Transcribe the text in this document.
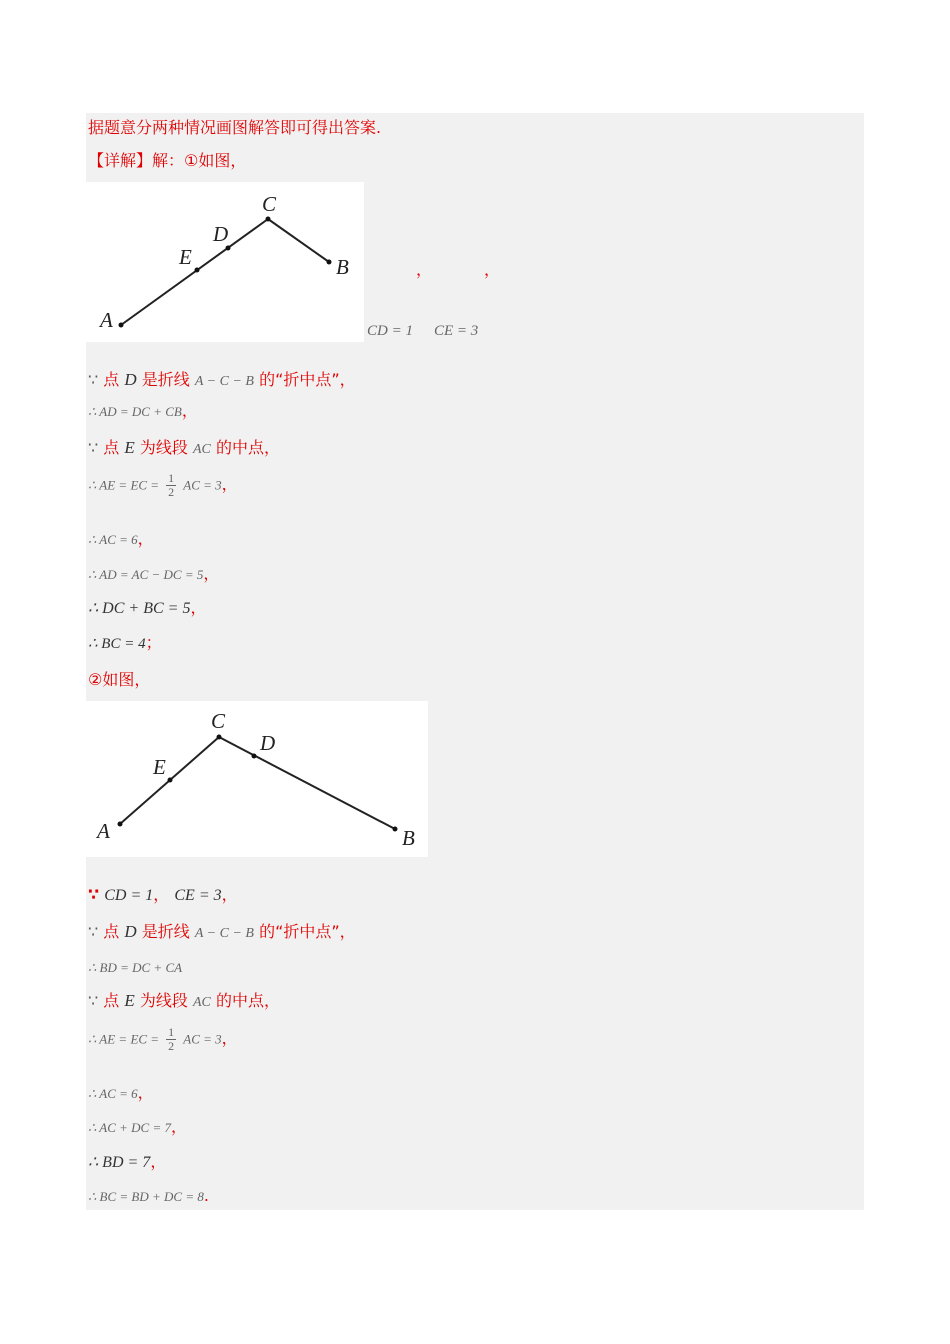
据题意分两种情况画图解答即可得出答案.
【详解】解：①如图，
A
E
D
C
B	，	，
CD = 1 CE = 3
∵ 点 D 是折线 A − C − B 的“折中点”，
∴ AD = DC + CB，
∵ 点 E 为线段 AC 的中点，
∴ AE = EC = $\frac{1}{2}$ AC = 3，
∴ AC = 6，
∴ AD = AC − DC = 5，
∴ DC + BC = 5，
∴ BC = 4；
②如图，
A
E
C
D
B
∵ CD = 1， CE = 3，
∵ 点 D 是折线 A − C − B 的“折中点”，
∴ BD = DC + CA
∵ 点 E 为线段 AC 的中点，
∴ AE = EC = $\frac{1}{2}$ AC = 3，
∴ AC = 6，
∴ AC + DC = 7，
∴ BD = 7，
∴ BC = BD + DC = 8.
